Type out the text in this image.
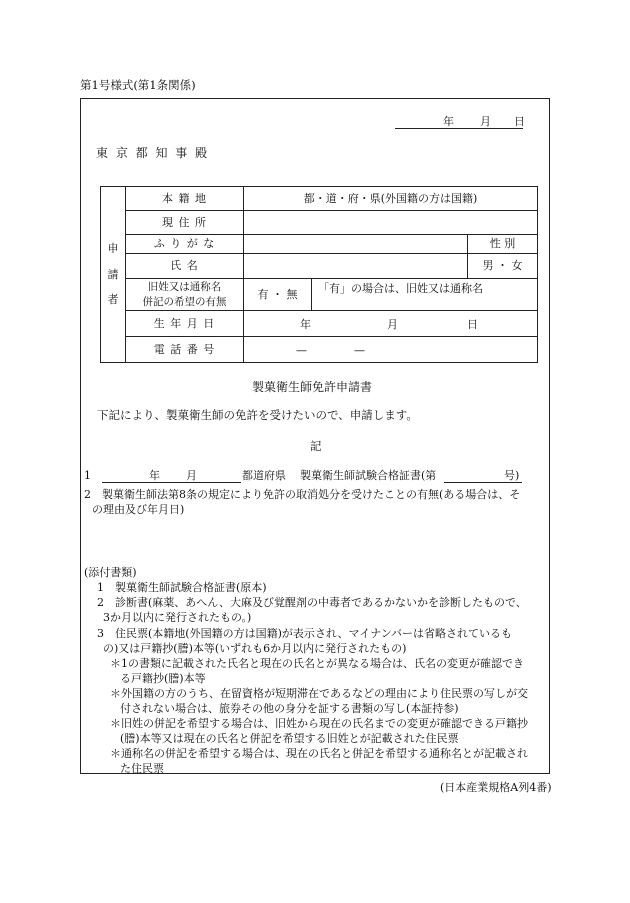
第1号様式(第1条関係)
年 月 日
東 京 都 知 事 殿
申
請
者	本 籍 地	都・道・府・県(外国籍の方は国籍)		
	現 住 所			
	ふ り が な			性 別
	氏 名			男 ・ 女

	旧姓又は通称名
併記の希望の有無	有 ・ 無	「有」の場合は、旧姓又は通称名	
	生 年 月 日	年 月 日		

	電 話 番 号	— —		
製菓衛生師免許申請書
下記により、製菓衛生師の免許を受けたいので、申請します。
記
1	年 月	都道府県 製菓衛生師試験合格証書(第	号)
2　製菓衛生師法第8条の規定により免許の取消処分を受けたことの有無(ある場合は、そ
の理由及び年月日)
(添付書類)
1　製菓衛生師試験合格証書(原本)
2　診断書(麻薬、あへん、大麻及び覚醒剤の中毒者であるかないかを診断したもので、
3か月以内に発行されたもの。)
3　住民票(本籍地(外国籍の方は国籍)が表示され、マイナンバーは省略されているも
の)又は戸籍抄(謄)本等(いずれも6か月以内に発行されたもの)
＊1の書類に記載された氏名と現在の氏名とが異なる場合は、氏名の変更が確認でき
る戸籍抄(謄)本等
＊外国籍の方のうち、在留資格が短期滞在であるなどの理由により住民票の写しが交
付されない場合は、旅券その他の身分を証する書類の写し(本証持参)
＊旧姓の併記を希望する場合は、旧姓から現在の氏名までの変更が確認できる戸籍抄
(謄)本等又は現在の氏名と併記を希望する旧姓とが記載された住民票
＊通称名の併記を希望する場合は、現在の氏名と併記を希望する通称名とが記載され
た住民票
(日本産業規格A列4番)
